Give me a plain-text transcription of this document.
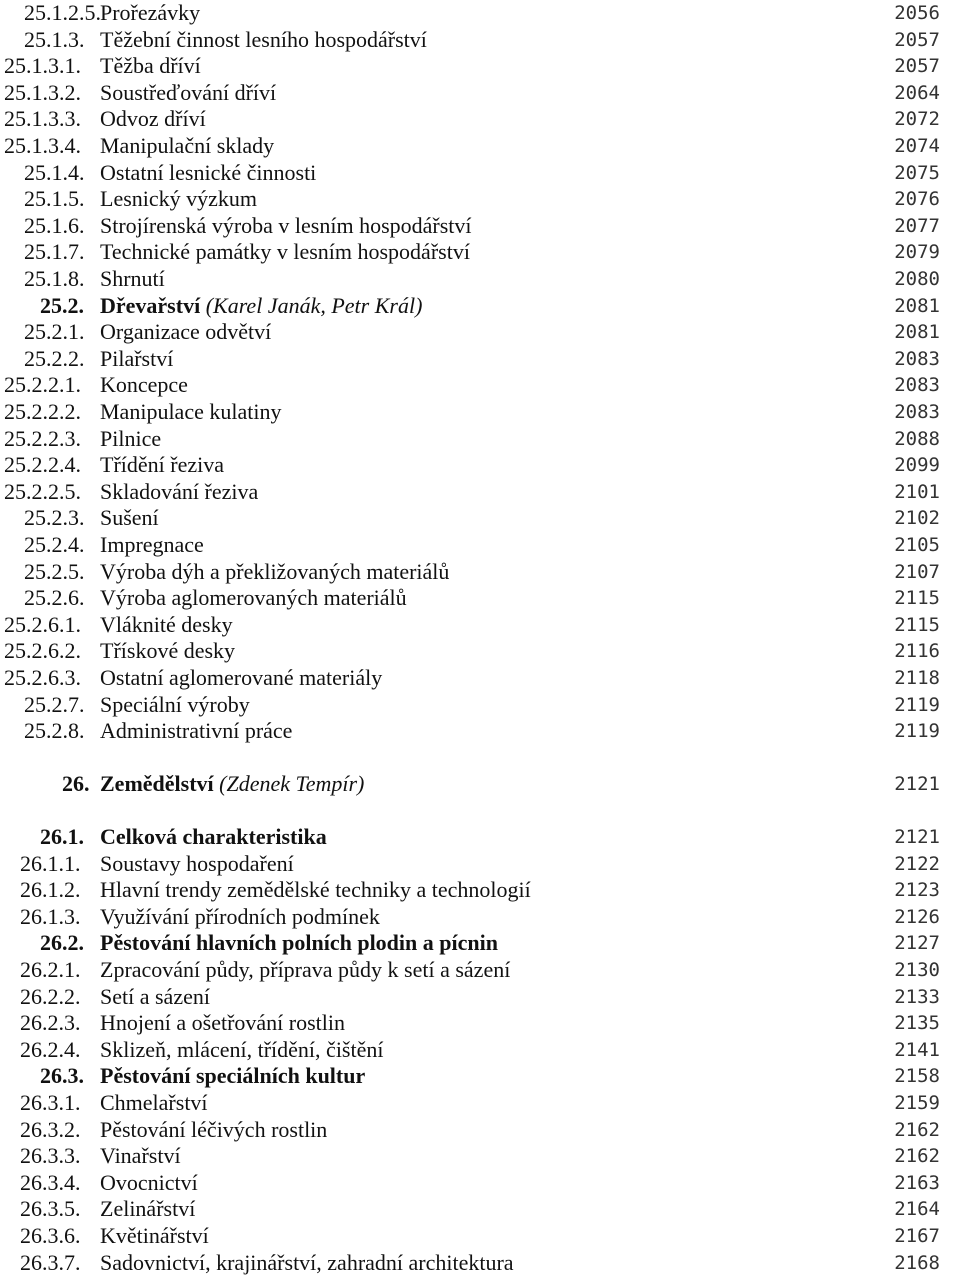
25.1.2.5. Prořezávky	2056
25.1.3. Těžební činnost lesního hospodářství	2057
25.1.3.1. Těžba dříví	2057
25.1.3.2. Soustřeďování dříví	2064
25.1.3.3. Odvoz dříví	2072
25.1.3.4. Manipulační sklady	2074
25.1.4. Ostatní lesnické činnosti	2075
25.1.5. Lesnický výzkum	2076
25.1.6. Strojírenská výroba v lesním hospodářství	2077
25.1.7. Technické památky v lesním hospodářství	2079
25.1.8. Shrnutí	2080
25.2. Dřevařství (Karel Janák, Petr Král)	2081
25.2.1. Organizace odvětví	2081
25.2.2. Pilařství	2083
25.2.2.1. Koncepce	2083
25.2.2.2. Manipulace kulatiny	2083
25.2.2.3. Pilnice	2088
25.2.2.4. Třídění řeziva	2099
25.2.2.5. Skladování řeziva	2101
25.2.3. Sušení	2102
25.2.4. Impregnace	2105
25.2.5. Výroba dýh a překližovaných materiálů	2107
25.2.6. Výroba aglomerovaných materiálů	2115
25.2.6.1. Vláknité desky	2115
25.2.6.2. Třískové desky	2116
25.2.6.3. Ostatní aglomerované materiály	2118
25.2.7. Speciální výroby	2119
25.2.8. Administrativní práce	2119
26. Zemědělství (Zdenek Tempír)	2121
26.1. Celková charakteristika	2121
26.1.1. Soustavy hospodaření	2122
26.1.2. Hlavní trendy zemědělské techniky a technologií	2123
26.1.3. Využívání přírodních podmínek	2126
26.2. Pěstování hlavních polních plodin a pícnin	2127
26.2.1. Zpracování půdy, příprava půdy k setí a sázení	2130
26.2.2. Setí a sázení	2133
26.2.3. Hnojení a ošetřování rostlin	2135
26.2.4. Sklizeň, mlácení, třídění, čištění	2141
26.3. Pěstování speciálních kultur	2158
26.3.1. Chmelařství	2159
26.3.2. Pěstování léčivých rostlin	2162
26.3.3. Vinařství	2162
26.3.4. Ovocnictví	2163
26.3.5. Zelinářství	2164
26.3.6. Květinářství	2167
26.3.7. Sadovnictví, krajinářství, zahradní architektura	2168
